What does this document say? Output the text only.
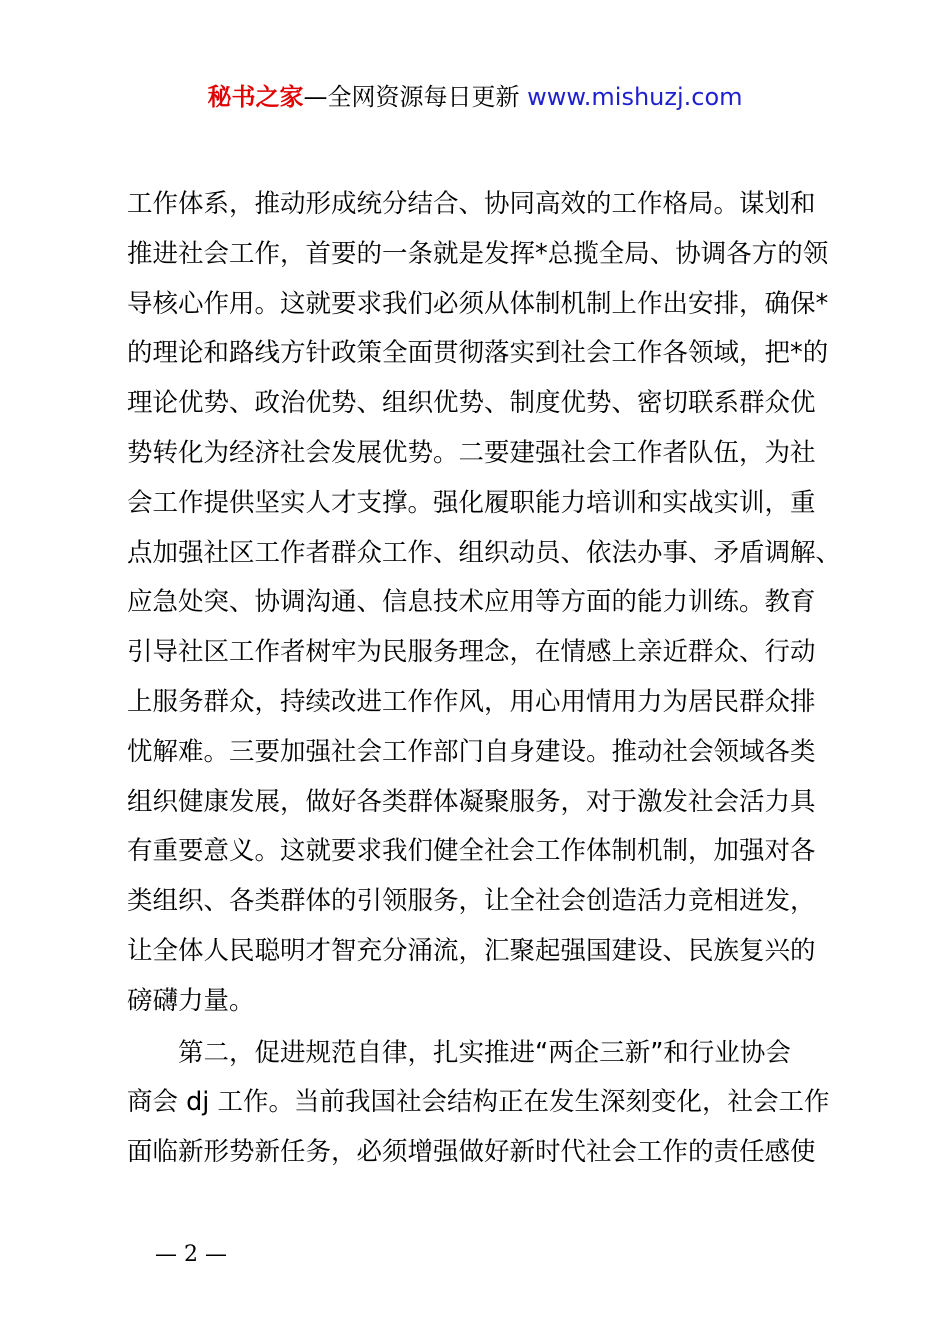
秘书之家—全网资源每日更新 www.mishuzj.com
工作体系，推动形成统分结合、协同高效的工作格局。谋划和
推进社会工作，首要的一条就是发挥*总揽全局、协调各方的领
导核心作用。这就要求我们必须从体制机制上作出安排，确保*
的理论和路线方针政策全面贯彻落实到社会工作各领域，把*的
理论优势、政治优势、组织优势、制度优势、密切联系群众优
势转化为经济社会发展优势。二要建强社会工作者队伍，为社
会工作提供坚实人才支撑。强化履职能力培训和实战实训，重
点加强社区工作者群众工作、组织动员、依法办事、矛盾调解、
应急处突、协调沟通、信息技术应用等方面的能力训练。教育
引导社区工作者树牢为民服务理念，在情感上亲近群众、行动
上服务群众，持续改进工作作风，用心用情用力为居民群众排
忧解难。三要加强社会工作部门自身建设。推动社会领域各类
组织健康发展，做好各类群体凝聚服务，对于激发社会活力具
有重要意义。这就要求我们健全社会工作体制机制，加强对各
类组织、各类群体的引领服务，让全社会创造活力竞相迸发，
让全体人民聪明才智充分涌流，汇聚起强国建设、民族复兴的
磅礴力量。
第二，促进规范自律，扎实推进“两企三新”和行业协会
商会 dj 工作。当前我国社会结构正在发生深刻变化，社会工作
面临新形势新任务，必须增强做好新时代社会工作的责任感使
— 2 —
